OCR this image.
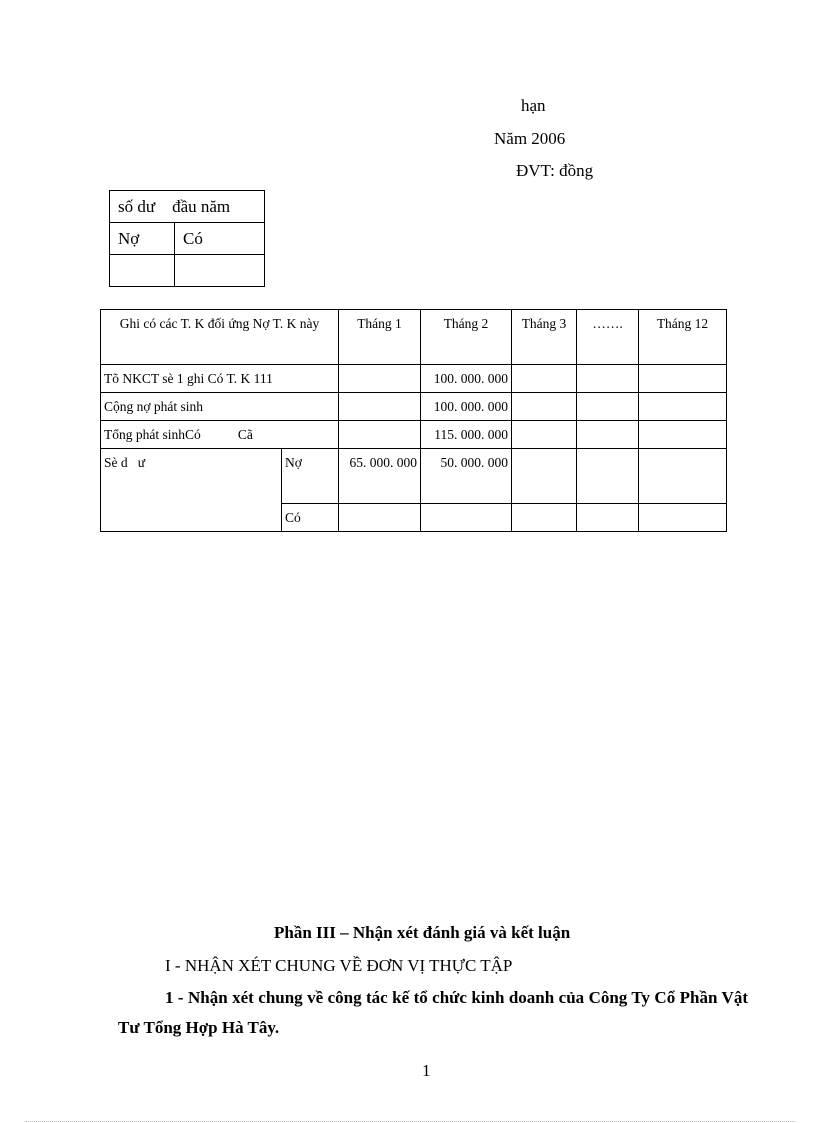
hạn
Năm 2006
ĐVT: đồng
số dư đầu năm	
Nợ	Có

Ghi có các T. K đối ứng Nợ T. K này		Tháng 1	Tháng 2	Tháng 3	…….	Tháng 12
Tõ NKCT sè 1 ghi Có T. K 111			100. 000. 000			
Cộng nợ phát sinh			100. 000. 000			
Tổng phát sinhCó           Cã			115. 000. 000			
Sè d   ư	Nợ	65. 000. 000	50. 000. 000			
	Có					
Phần III – Nhận xét đánh giá và kết luận
I - NHẬN XÉT CHUNG VỀ ĐƠN VỊ THỰC TẬP
1 - Nhận xét chung về công tác kế tổ chức kinh doanh của Công Ty Cổ Phần Vật Tư Tổng Hợp Hà Tây.
1
